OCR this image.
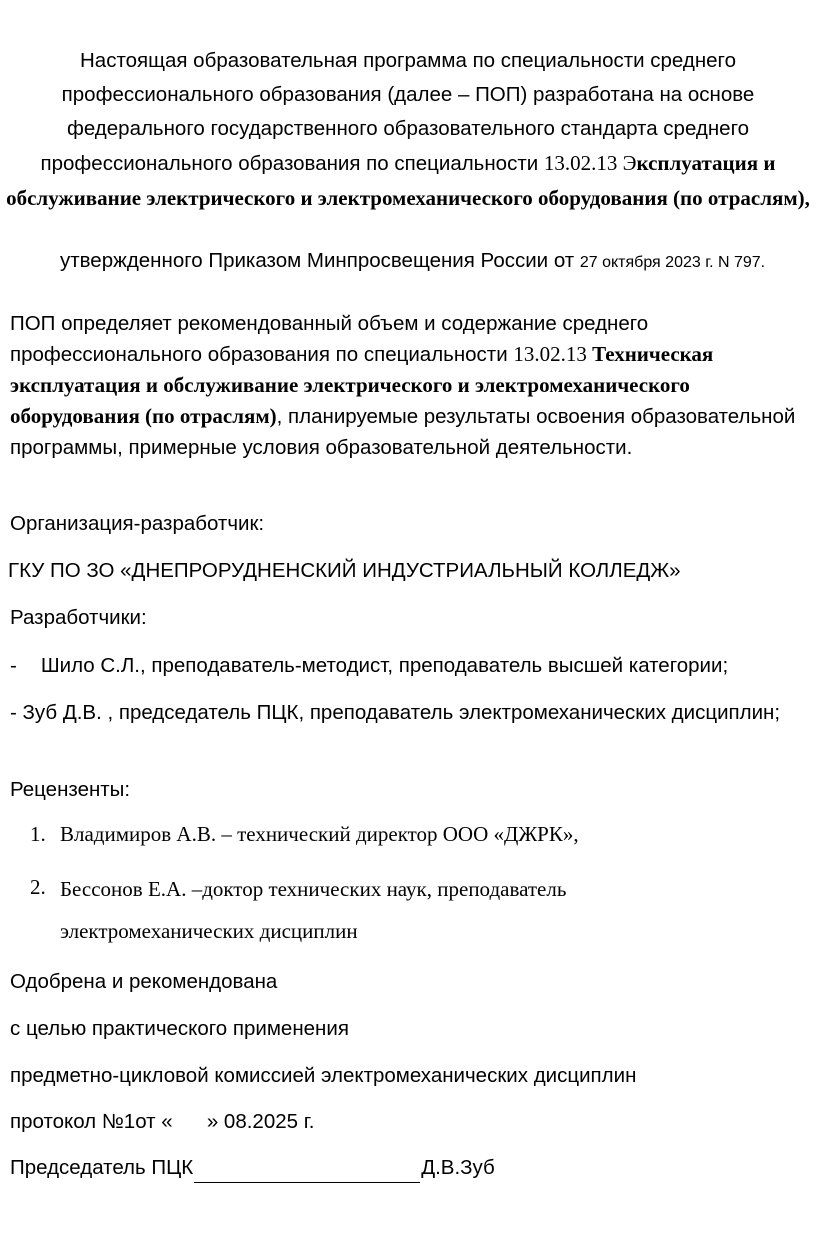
Настоящая образовательная программа по специальности среднего профессионального образования (далее – ПОП) разработана на основе федерального государственного образовательного стандарта среднего профессионального образования по специальности 13.02.13 Эксплуатация и обслуживание электрического и электромеханического оборудования (по отраслям),
утвержденного Приказом Минпросвещения России от 27 октября 2023 г. N 797.
ПОП определяет рекомендованный объем и содержание среднего профессионального образования по специальности 13.02.13 Техническая эксплуатация и обслуживание электрического и электромеханического оборудования (по отраслям), планируемые результаты освоения образовательной программы, примерные условия образовательной деятельности.
Организация-разработчик:
ГКУ ПО ЗО «ДНЕПРОРУДНЕНСКИЙ ИНДУСТРИАЛЬНЫЙ КОЛЛЕДЖ»
Разработчики:
- Шило С.Л., преподаватель-методист, преподаватель высшей категории;
- Зуб Д.В. , председатель ПЦК, преподаватель электромеханических дисциплин;
Рецензенты:
1. Владимиров А.В. – технический директор ООО «ДЖРК»,
2. Бессонов Е.А. –доктор технических наук, преподаватель электромеханических дисциплин
Одобрена и рекомендована
с целью практического применения
предметно-цикловой комиссией электромеханических дисциплин
протокол №1от «      » 08.2025 г.
Председатель ПЦК	Д.В.Зуб
